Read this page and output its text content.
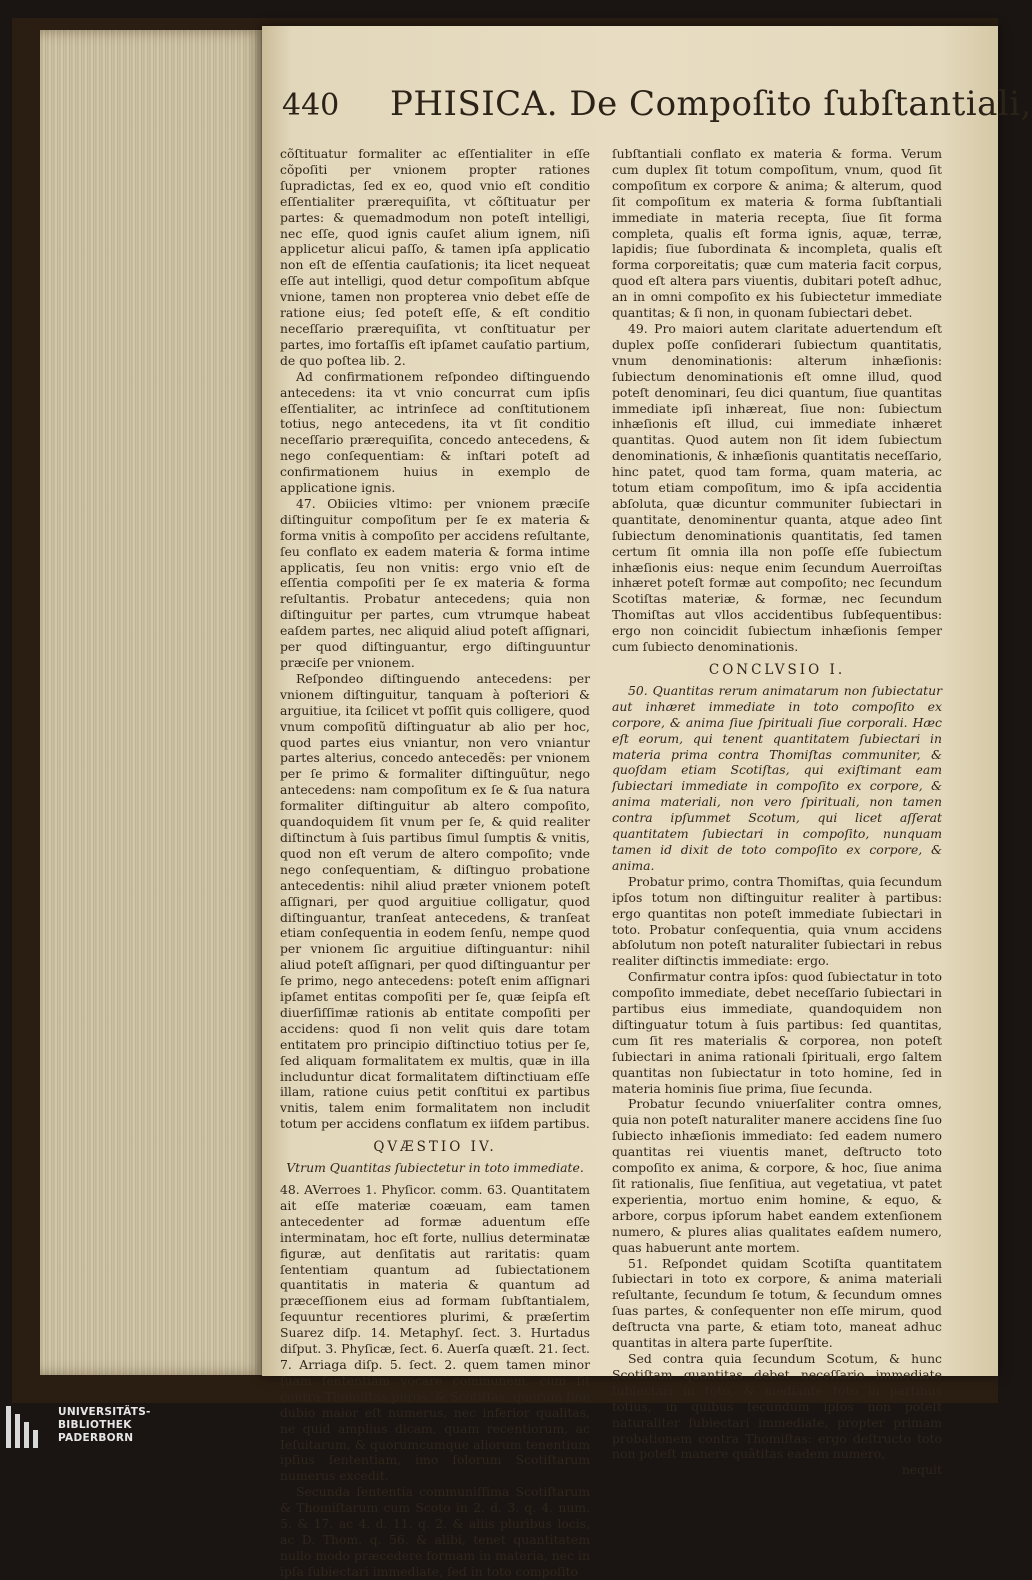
440 PHISICA. De Compoſito ſubſtantiali,

cõſtituatur formaliter ac eſſentialiter in eſſe cõpoſiti per vnionem propter rationes ſupradictas, ſed ex eo, quod vnio eſt conditio eſſentialiter prærequiſita, vt cõſtituatur per partes: & quemadmodum non poteſt intelligi, nec eſſe, quod ignis cauſet alium ignem, niſi applicetur alicui paſſo, & tamen ipſa applicatio non eſt de eſſentia cauſationis; ita licet nequeat eſſe aut intelligi, quod detur compoſitum abſque vnione, tamen non propterea vnio debet eſſe de ratione eius; ſed poteſt eſſe, & eſt conditio neceſſario prærequiſita, vt conſtituatur per partes, imo fortaſſis eſt ipſamet cauſatio partium, de quo poſtea lib. 2.

Ad confirmationem reſpondeo diſtinguendo antecedens: ita vt vnio concurrat cum ipſis eſſentialiter, ac intrinſece ad conſtitutionem totius, nego antecedens, ita vt ſit conditio neceſſario prærequiſita, concedo antecedens, & nego conſequentiam: & inſtari poteſt ad confirmationem huius in exemplo de applicatione ignis.

47. Obiicies vltimo: per vnionem præciſe diſtinguitur compoſitum per ſe ex materia & forma vnitis à compoſito per accidens reſultante, ſeu conflato ex eadem materia & forma intime applicatis, ſeu non vnitis: ergo vnio eſt de eſſentia compoſiti per ſe ex materia & forma reſultantis. Probatur antecedens; quia non diſtinguitur per partes, cum vtrumque habeat eaſdem partes, nec aliquid aliud poteſt aſſignari, per quod diſtinguantur, ergo diſtinguuntur præciſe per vnionem.

Reſpondeo diſtinguendo antecedens: per vnionem diſtinguitur, tanquam à poſteriori & arguitiue, ita ſcilicet vt poſſit quis colligere, quod vnum compoſitũ diſtinguatur ab alio per hoc, quod partes eius vniantur, non vero vniantur partes alterius, concedo antecedẽs: per vnionem per ſe primo & formaliter diſtinguũtur, nego antecedens: nam compoſitum ex ſe & ſua natura formaliter diſtinguitur ab altero compoſito, quandoquidem ſit vnum per ſe, & quid realiter diſtinctum à ſuis partibus ſimul ſumptis & vnitis, quod non eſt verum de altero compoſito; vnde nego conſequentiam, & diſtinguo probatione antecedentis: nihil aliud præter vnionem poteſt aſſignari, per quod arguitiue colligatur, quod diſtinguantur, tranſeat antecedens, & tranſeat etiam conſequentia in eodem ſenſu, nempe quod per vnionem ſic arguitiue diſtinguantur: nihil aliud poteſt aſſignari, per quod diſtinguantur per ſe primo, nego antecedens: poteſt enim aſſignari ipſamet entitas compoſiti per ſe, quæ ſeipſa eſt diuerſiſſimæ rationis ab entitate compoſiti per accidens: quod ſi non velit quis dare totam entitatem pro principio diſtinctiuo totius per ſe, ſed aliquam formalitatem ex multis, quæ in illa includuntur dicat formalitatem diſtinctiuam eſſe illam, ratione cuius petit conſtitui ex partibus vnitis, talem enim formalitatem non includit totum per accidens conflatum ex iiſdem partibus.

QVÆSTIO IV.

Vtrum Quantitas ſubiectetur in toto immediate.

48. AVerroes 1. Phyſicor. comm. 63. Quantitatem ait eſſe materiæ coæuam, eam tamen antecedenter ad formæ aduentum eſſe interminatam, hoc eſt forte, nullius determinatæ figuræ, aut denſitatis aut raritatis: quam ſententiam quantum ad ſubiectationem quantitatis in materia & quantum ad præceſſionem eius ad formam ſubſtantialem, ſequuntur recentiores plurimi, & præſertim Suarez diſp. 14. Metaphyſ. ſect. 3. Hurtadus diſput. 3. Phyſicæ, ſect. 6. Auerſa quæſt. 21. ſect. 7. Arriaga diſp. 5. ſect. 2. quem tamen minor ſuam ſententiam vocare communem, cum ſit contra Thomiſtas puros, & Scotiſtas, quorum ſine dubio maior eſt numerus, nec inferior qualitas, ne quid amplius dicam, quam recentiorum, ac Ieſuitarum, & quorumcumque aliorum tenentium ipſius ſententiam, imo ſolorum Scotiſtarum numerus excedit.

Secunda ſententia communiſſima Scotiſtarum & Thomiſtarum cum Scoto in 2. d. 3. q. 4. num. 5. & 17. ac 4. d. 11. q. 2. & aliis pluribus locis, ac D. Thom. q. 56. & alibi, tenet quantitatem nullo modo præcedere formam in materia, nec in ipſa ſubiectari immediate, ſed in toto compoſito

ſubſtantiali conflato ex materia & forma. Verum cum duplex ſit totum compoſitum, vnum, quod ſit compoſitum ex corpore & anima; & alterum, quod ſit compoſitum ex materia & forma ſubſtantiali immediate in materia recepta, ſiue ſit forma completa, qualis eſt forma ignis, aquæ, terræ, lapidis; ſiue ſubordinata & incompleta, qualis eſt forma corporeitatis; quæ cum materia facit corpus, quod eſt altera pars viuentis, dubitari poteſt adhuc, an in omni compoſito ex his ſubiectetur immediate quantitas; & ſi non, in quonam ſubiectari debet.

49. Pro maiori autem claritate aduertendum eſt duplex poſſe conſiderari ſubiectum quantitatis, vnum denominationis: alterum inhæſionis: ſubiectum denominationis eſt omne illud, quod poteſt denominari, ſeu dici quantum, ſiue quantitas immediate ipſi inhæreat, ſiue non: ſubiectum inhæſionis eſt illud, cui immediate inhæret quantitas. Quod autem non ſit idem ſubiectum denominationis, & inhæſionis quantitatis neceſſario, hinc patet, quod tam forma, quam materia, ac totum etiam compoſitum, imo & ipſa accidentia abſoluta, quæ dicuntur communiter ſubiectari in quantitate, denominentur quanta, atque adeo ſint ſubiectum denominationis quantitatis, ſed tamen certum ſit omnia illa non poſſe eſſe ſubiectum inhæſionis eius: neque enim ſecundum Auerroiſtas inhæret poteſt formæ aut compoſito; nec ſecundum Scotiſtas materiæ, & formæ, nec ſecundum Thomiſtas aut vllos accidentibus ſubſequentibus: ergo non coincidit ſubiectum inhæſionis ſemper cum ſubiecto denominationis.

CONCLVSIO I.

50. Quantitas rerum animatarum non ſubiectatur aut inhæret immediate in toto compoſito ex corpore, & anima ſiue ſpirituali ſiue corporali. Hæc eſt eorum, qui tenent quantitatem ſubiectari in materia prima contra Thomiſtas communiter, & quoſdam etiam Scotiſtas, qui exiſtimant eam ſubiectari immediate in compoſito ex corpore, & anima materiali, non vero ſpirituali, non tamen contra ipſummet Scotum, qui licet aſſerat quantitatem ſubiectari in compoſito, nunquam tamen id dixit de toto compoſito ex corpore, & anima.

Probatur primo, contra Thomiſtas, quia ſecundum ipſos totum non diſtinguitur realiter à partibus: ergo quantitas non poteſt immediate ſubiectari in toto. Probatur conſequentia, quia vnum accidens abſolutum non poteſt naturaliter ſubiectari in rebus realiter diſtinctis immediate: ergo.

Confirmatur contra ipſos: quod ſubiectatur in toto compoſito immediate, debet neceſſario ſubiectari in partibus eius immediate, quandoquidem non diſtinguatur totum à ſuis partibus: ſed quantitas, cum ſit res materialis & corporea, non poteſt ſubiectari in anima rationali ſpirituali, ergo ſaltem quantitas non ſubiectatur in toto homine, ſed in materia hominis ſiue prima, ſiue ſecunda.

Probatur ſecundo vniuerſaliter contra omnes, quia non poteſt naturaliter manere accidens ſine ſuo ſubiecto inhæſionis immediato: ſed eadem numero quantitas rei viuentis manet, deſtructo toto compoſito ex anima, & corpore, & hoc, ſiue anima ſit rationalis, ſiue ſenſitiua, aut vegetatiua, vt patet experientia, mortuo enim homine, & equo, & arbore, corpus ipſorum habet eandem extenſionem numero, & plures alias qualitates eaſdem numero, quas habuerunt ante mortem.

51. Reſpondet quidam Scotiſta quantitatem ſubiectari in toto ex corpore, & anima materiali reſultante, ſecundum ſe totum, & ſecundum omnes ſuas partes, & conſequenter non eſſe mirum, quod deſtructa vna parte, & etiam toto, maneat adhuc quantitas in altera parte ſuperſtite.

Sed contra quia ſecundum Scotum, & hunc Scotiſtam quantitas debet neceſſario immediate ſubiectari in toto, & mediante toto in partibus totius, in quibus ſecundum ipſos non poteſt naturaliter ſubiectari immediate, propter primam probationem contra Thomiſtas: ergo deſtructo toto non poteſt manere quãtitas eadem numero,

nequit

UNIVERSITÄTS-
BIBLIOTHEK
PADERBORN
